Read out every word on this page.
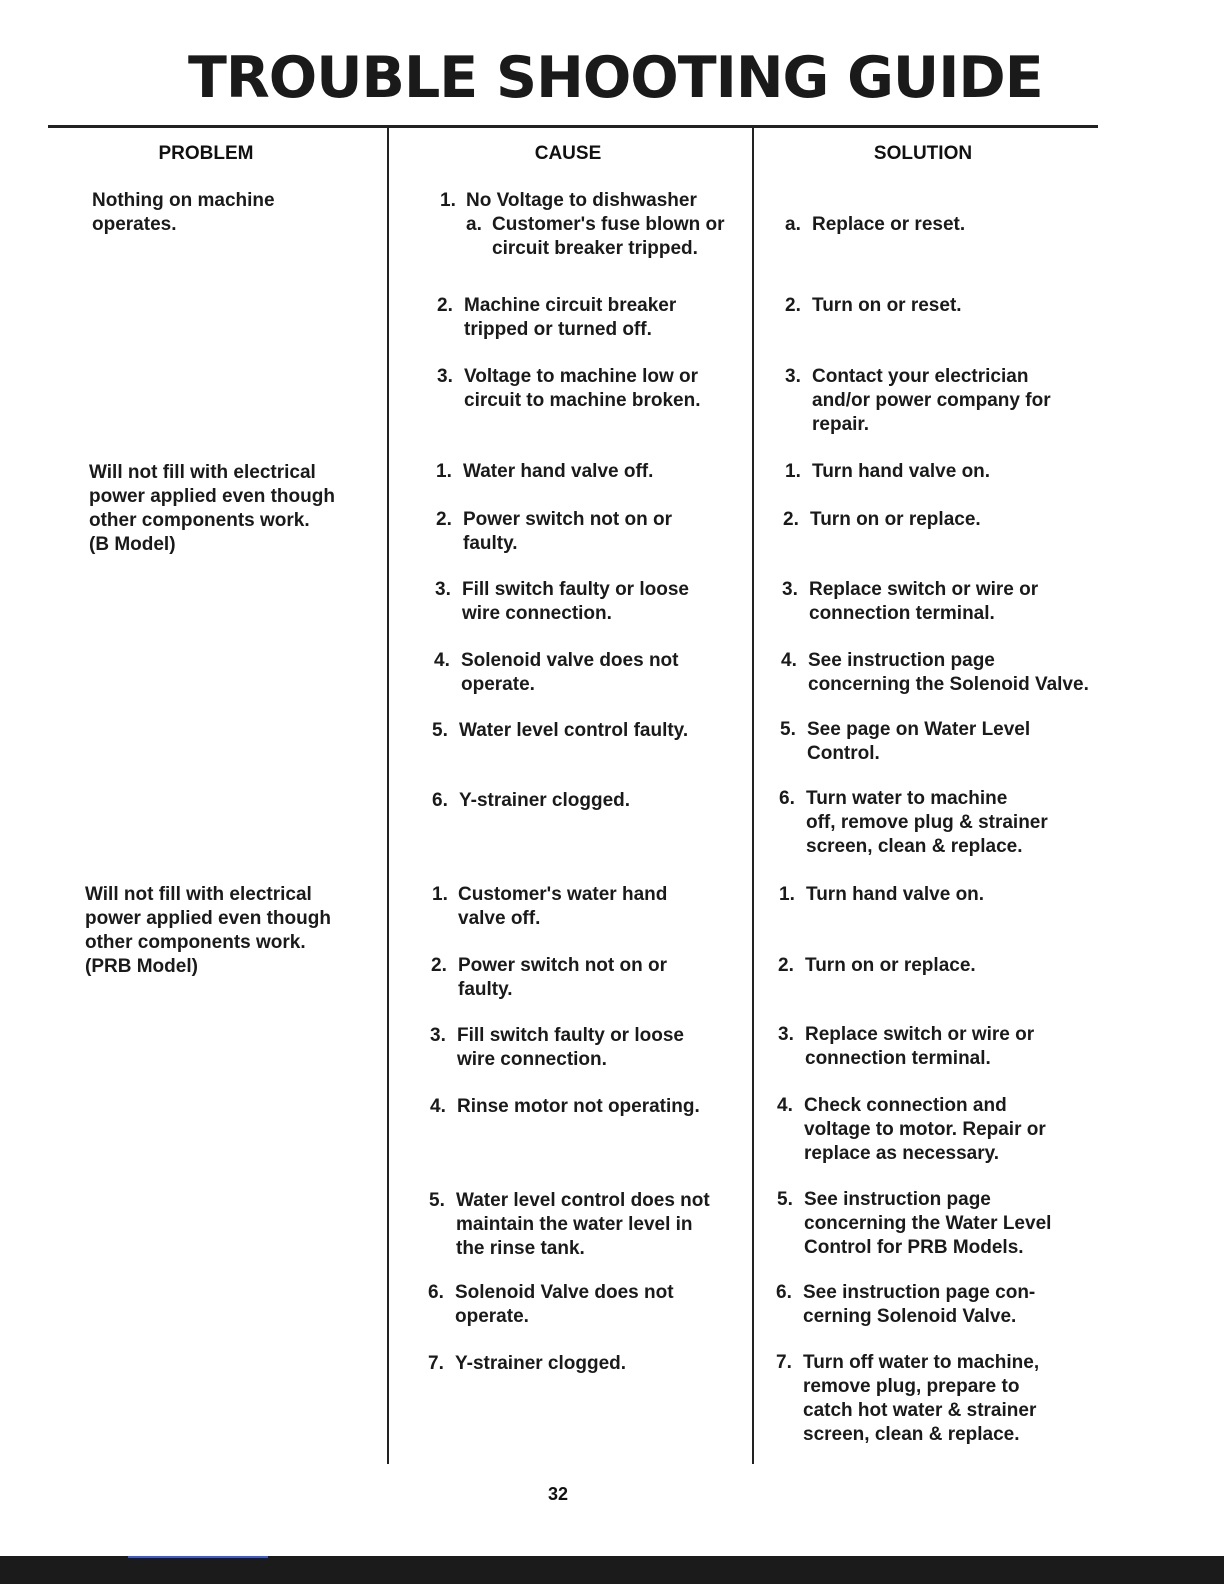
TROUBLE SHOOTING GUIDE
PROBLEM	CAUSE	SOLUTION
Nothing on machine
operates.
Will not fill with electrical
power applied even though
other components work.
(B Model)
Will not fill with electrical
power applied even though
other components work.
(PRB Model)
1. No Voltage to dishwasher
a. Customer's fuse blown or
circuit breaker tripped.
2. Machine circuit breaker
tripped or turned off.
3. Voltage to machine low or
circuit to machine broken.
a. Replace or reset.
2. Turn on or reset.
3. Contact your electrician
and/or power company for
repair.
1. Water hand valve off.
2. Power switch not on or
faulty.
3. Fill switch faulty or loose
wire connection.
4. Solenoid valve does not
operate.
5. Water level control faulty.
6. Y-strainer clogged.
1. Turn hand valve on.
2. Turn on or replace.
3. Replace switch or wire or
connection terminal.
4. See instruction page
concerning the Solenoid Valve.
5. See page on Water Level
Control.
6. Turn water to machine
off, remove plug & strainer
screen, clean & replace.
1. Customer's water hand
valve off.
2. Power switch not on or
faulty.
3. Fill switch faulty or loose
wire connection.
4. Rinse motor not operating.
5. Water level control does not
maintain the water level in
the rinse tank.
6. Solenoid Valve does not
operate.
7. Y-strainer clogged.
1. Turn hand valve on.
2. Turn on or replace.
3. Replace switch or wire or
connection terminal.
4. Check connection and
voltage to motor. Repair or
replace as necessary.
5. See instruction page
concerning the Water Level
Control for PRB Models.
6. See instruction page con-
cerning Solenoid Valve.
7. Turn off water to machine,
remove plug, prepare to
catch hot water & strainer
screen, clean & replace.
32
